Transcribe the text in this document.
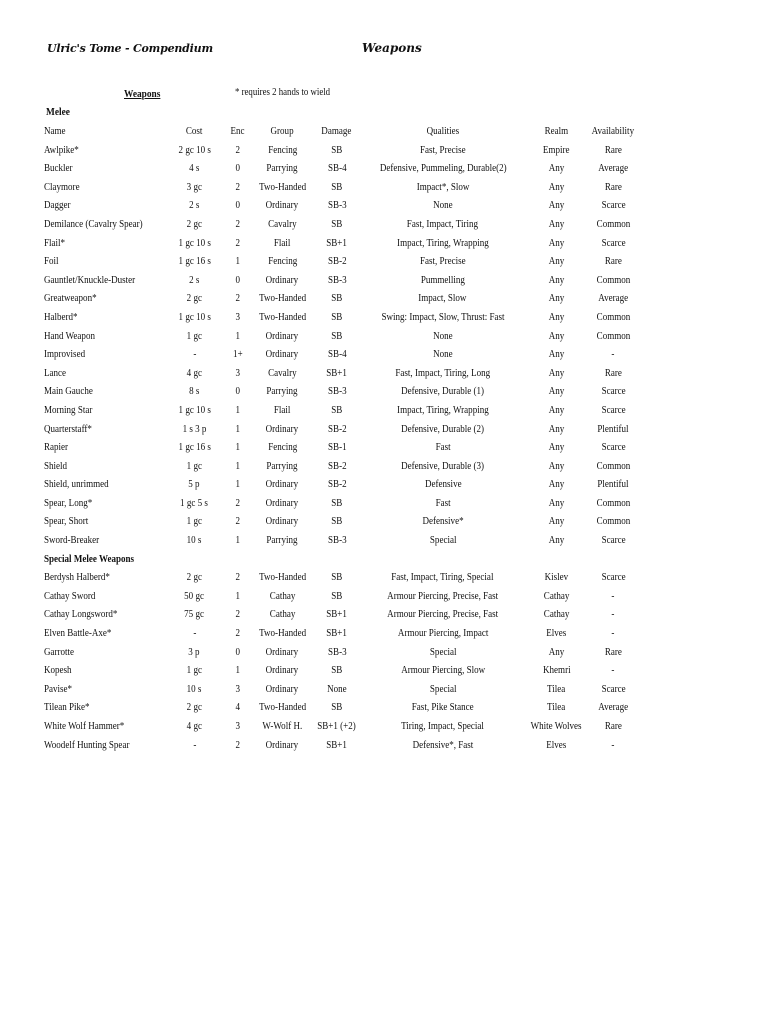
Ulric's Tome - Compendium	Weapons
Weapons	* requires 2 hands to wield
Melee
Name	Cost	Enc	Group	Damage	Qualities	Realm	Availability
Awlpike*	2 gc 10 s	2	Fencing	SB	Fast, Precise	Empire	Rare
Buckler	4 s	0	Parrying	SB-4	Defensive, Pummeling, Durable(2)	Any	Average
Claymore	3 gc	2	Two-Handed	SB	Impact*, Slow	Any	Rare
Dagger	2 s	0	Ordinary	SB-3	None	Any	Scarce
Demilance (Cavalry Spear)	2 gc	2	Cavalry	SB	Fast, Impact, Tiring	Any	Common
Flail*	1 gc 10 s	2	Flail	SB+1	Impact, Tiring, Wrapping	Any	Scarce
Foil	1 gc 16 s	1	Fencing	SB-2	Fast, Precise	Any	Rare
Gauntlet/Knuckle-Duster	2 s	0	Ordinary	SB-3	Pummelling	Any	Common
Greatweapon*	2 gc	2	Two-Handed	SB	Impact, Slow	Any	Average
Halberd*	1 gc 10 s	3	Two-Handed	SB	Swing: Impact, Slow, Thrust: Fast	Any	Common
Hand Weapon	1 gc	1	Ordinary	SB	None	Any	Common
Improvised	-	1+	Ordinary	SB-4	None	Any	-
Lance	4 gc	3	Cavalry	SB+1	Fast, Impact, Tiring, Long	Any	Rare
Main Gauche	8 s	0	Parrying	SB-3	Defensive, Durable (1)	Any	Scarce
Morning Star	1 gc 10 s	1	Flail	SB	Impact, Tiring, Wrapping	Any	Scarce
Quarterstaff*	1 s 3 p	1	Ordinary	SB-2	Defensive, Durable (2)	Any	Plentiful
Rapier	1 gc 16 s	1	Fencing	SB-1	Fast	Any	Scarce
Shield	1 gc	1	Parrying	SB-2	Defensive, Durable (3)	Any	Common
Shield, unrimmed	5 p	1	Ordinary	SB-2	Defensive	Any	Plentiful
Spear, Long*	1 gc 5 s	2	Ordinary	SB	Fast	Any	Common
Spear, Short	1 gc	2	Ordinary	SB	Defensive*	Any	Common
Sword-Breaker	10 s	1	Parrying	SB-3	Special	Any	Scarce
Special Melee Weapons							
Berdysh Halberd*	2 gc	2	Two-Handed	SB	Fast, Impact, Tiring, Special	Kislev	Scarce
Cathay Sword	50 gc	1	Cathay	SB	Armour Piercing, Precise, Fast	Cathay	-
Cathay Longsword*	75 gc	2	Cathay	SB+1	Armour Piercing, Precise, Fast	Cathay	-
Elven Battle-Axe*	-	2	Two-Handed	SB+1	Armour Piercing, Impact	Elves	-
Garrotte	3 p	0	Ordinary	SB-3	Special	Any	Rare
Kopesh	1 gc	1	Ordinary	SB	Armour Piercing, Slow	Khemri	-
Pavise*	10 s	3	Ordinary	None	Special	Tilea	Scarce
Tilean Pike*	2 gc	4	Two-Handed	SB	Fast, Pike Stance	Tilea	Average
White Wolf Hammer*	4 gc	3	W-Wolf H.	SB+1 (+2)	Tiring, Impact, Special	White Wolves	Rare
Woodelf Hunting Spear	-	2	Ordinary	SB+1	Defensive*, Fast	Elves	-
